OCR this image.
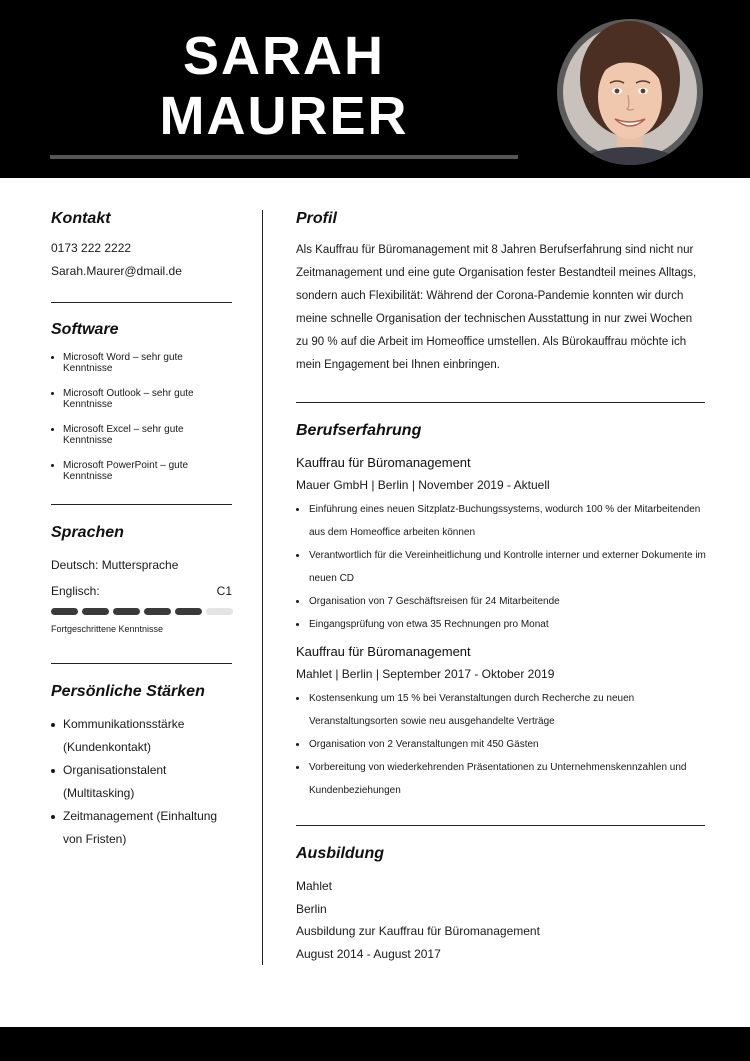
SARAH
MAURER
Kontakt

0173 222 2222

Sarah.Maurer@dmail.de

Software
Microsoft Word – sehr gute Kenntnisse
Microsoft Outlook – sehr gute Kenntnisse
Microsoft Excel – sehr gute Kenntnisse
Microsoft PowerPoint – gute Kenntnisse
Sprachen

Deutsch: Muttersprache

Englisch:	C1

Fortgeschrittene Kenntnisse

Persönliche Stärken
Kommunikationsstärke (Kundenkontakt)
Organisationstalent (Multitasking)
Zeitmanagement (Einhaltung von Fristen)
Profil

Als Kauffrau für Büromanagement mit 8 Jahren Berufserfahrung sind nicht nur Zeitmanagement und eine gute Organisation fester Bestandteil meines Alltags, sondern auch Flexibilität: Während der Corona-Pandemie konnten wir durch meine schnelle Organisation der technischen Ausstattung in nur zwei Wochen zu 90 % auf die Arbeit im Homeoffice umstellen. Als Bürokauffrau möchte ich mein Engagement bei Ihnen einbringen.

Berufserfahrung

Kauffrau für Büromanagement

Mauer GmbH | Berlin | November 2019 - Aktuell

Einführung eines neuen Sitzplatz-Buchungssystems, wodurch 100 % der Mitarbeitenden aus dem Homeoffice arbeiten können
Verantwortlich für die Vereinheitlichung und Kontrolle interner und externer Dokumente im neuen CD
Organisation von 7 Geschäftsreisen für 24 Mitarbeitende
Eingangsprüfung von etwa 35 Rechnungen pro Monat

Kauffrau für Büromanagement

Mahlet | Berlin | September 2017 - Oktober 2019

Kostensenkung um 15 % bei Veranstaltungen durch Recherche zu neuen Veranstaltungsorten sowie neu ausgehandelte Verträge
Organisation von 2 Veranstaltungen mit 450 Gästen
Vorbereitung von wiederkehrenden Präsentationen zu Unternehmenskennzahlen und Kundenbeziehungen
Ausbildung

Mahlet

Berlin

Ausbildung zur Kauffrau für Büromanagement

August 2014 - August 2017
